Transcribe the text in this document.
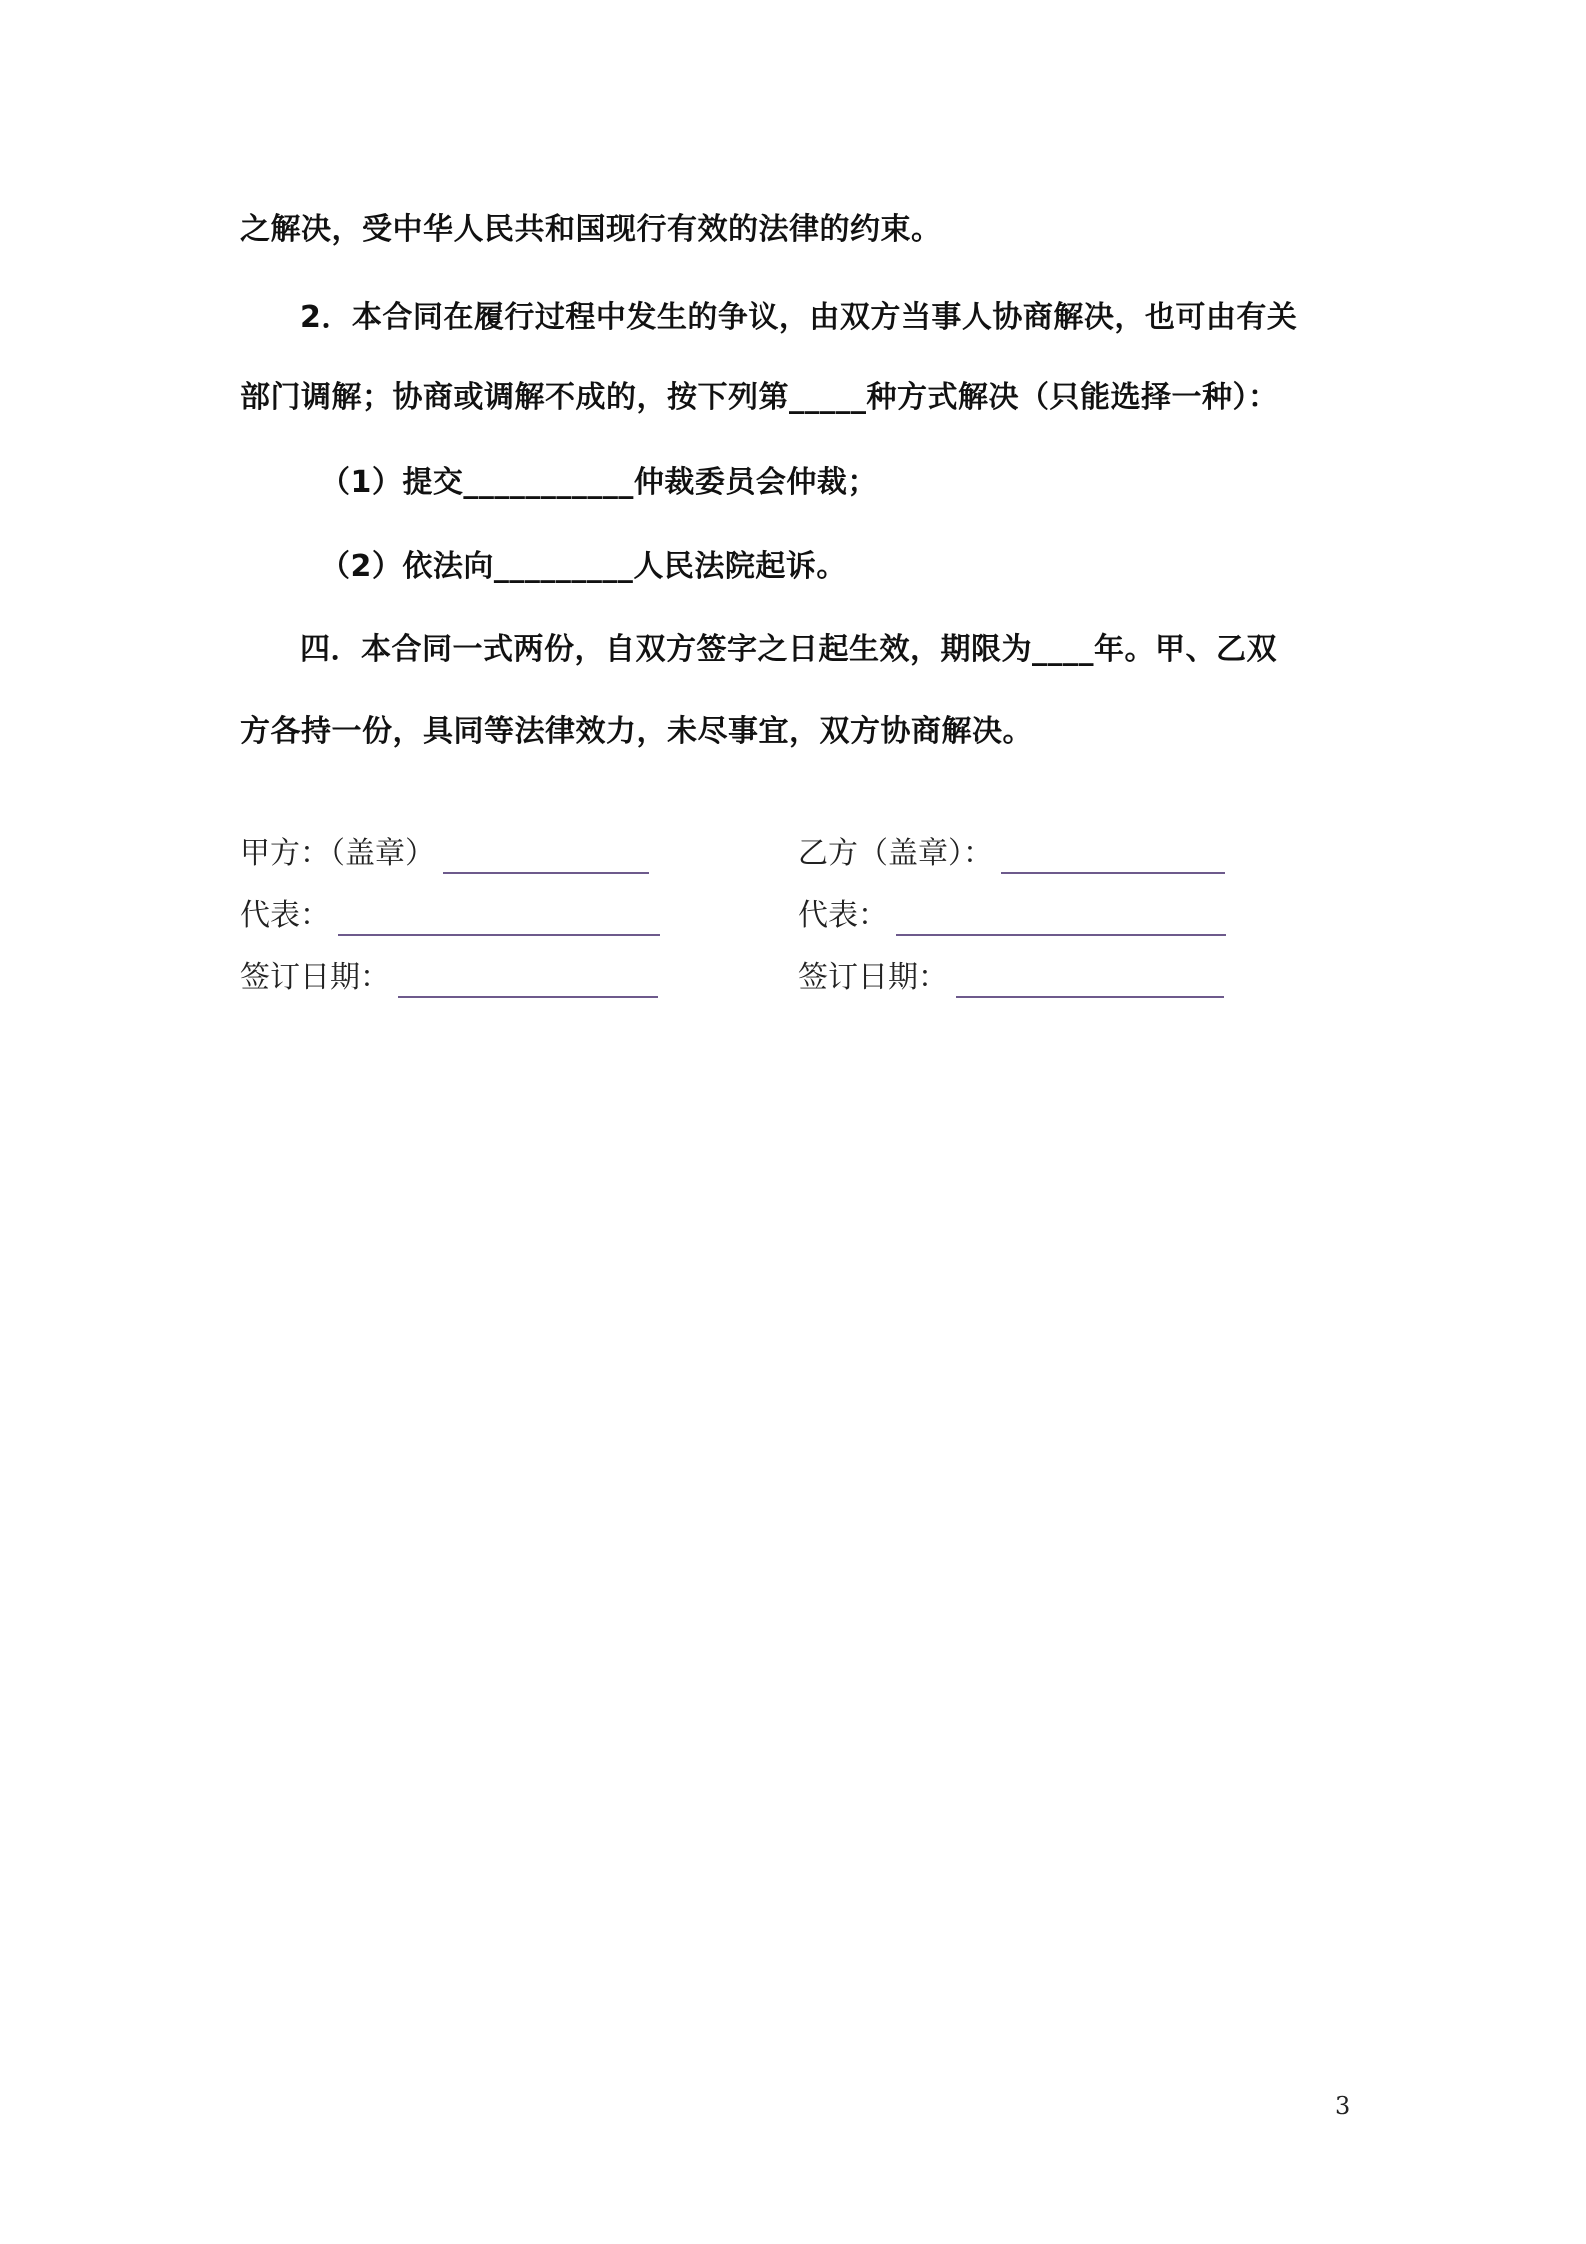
之解决，受中华人民共和国现行有效的法律的约束。
2．本合同在履行过程中发生的争议，由双方当事人协商解决，也可由有关
部门调解；协商或调解不成的，按下列第_____种方式解决（只能选择一种）：
（1）提交___________仲裁委员会仲裁；
（2）依法向_________人民法院起诉。
四．本合同一式两份，自双方签字之日起生效，期限为____年。甲、乙双
方各持一份，具同等法律效力，未尽事宜，双方协商解决。
甲方：（盖章）
代表：
签订日期：
乙方（盖章）：
代表：
签订日期：
3
